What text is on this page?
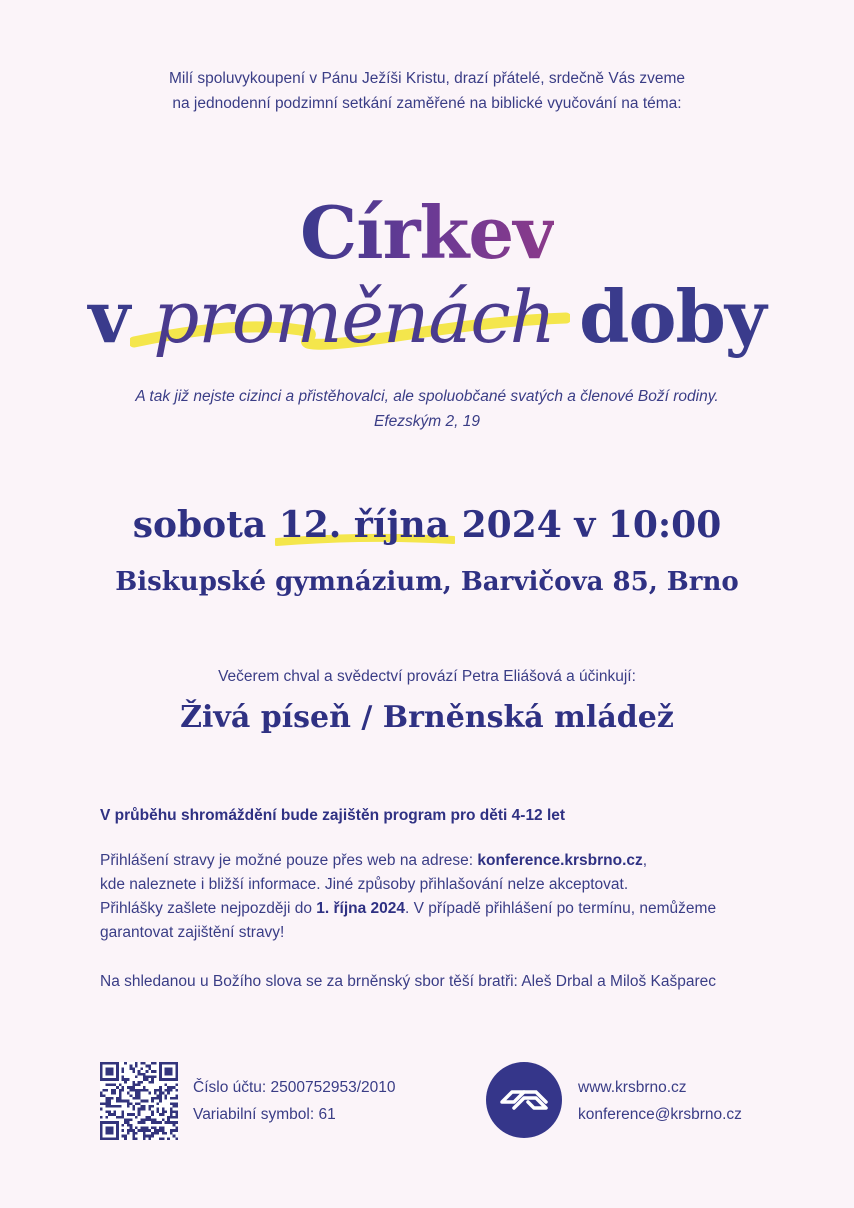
Milí spoluvykoupení v Pánu Ježíši Kristu, drazí přátelé, srdečně Vás zveme
na jednodenní podzimní setkání zaměřené na biblické vyučování na téma:
Církev
v proměnách doby
A tak již nejste cizinci a přistěhovalci, ale spoluobčané svatých a členové Boží rodiny.
Efezským 2, 19
sobota 12. října 2024 v 10:00
Biskupské gymnázium, Barvičova 85, Brno
Večerem chval a svědectví provází Petra Eliášová a účinkují:
Živá píseň / Brněnská mládež
V průběhu shromáždění bude zajištěn program pro děti 4-12 let
Přihlášení stravy je možné pouze přes web na adrese: konference.krsbrno.cz,
kde naleznete i bližší informace. Jiné způsoby přihlašování nelze akceptovat.
Přihlášky zašlete nejpozději do 1. října 2024. V případě přihlášení po termínu, nemůžeme
garantovat zajištění stravy!
Na shledanou u Božího slova se za brněnský sbor těší bratři: Aleš Drbal a Miloš Kašparec
Číslo účtu: 2500752953/2010
Variabilní symbol: 61
www.krsbrno.cz
konference@krsbrno.cz
